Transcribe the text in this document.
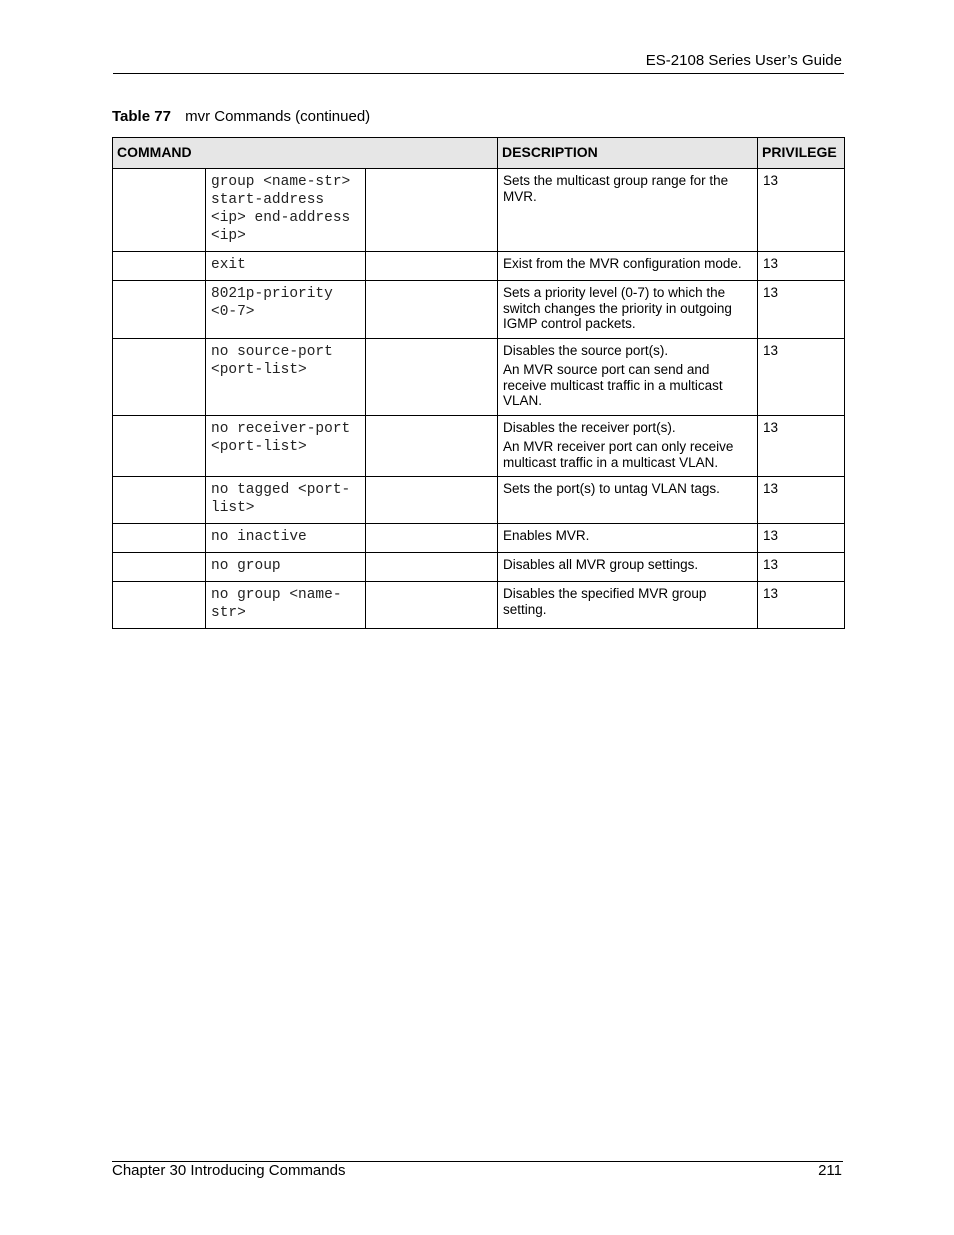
ES-2108 Series User’s Guide
Table 77 mvr Commands (continued)
COMMAND			DESCRIPTION	PRIVILEGE
	group <name-str> start-address <ip> end-address <ip>		Sets the multicast group range for the MVR.	13
	exit		Exist from the MVR configuration mode.	13
	8021p-priority <0-7>		Sets a priority level (0-7) to which the switch changes the priority in outgoing IGMP control packets.	13
	no source-port <port-list>		Disables the source port(s).

An MVR source port can send and receive multicast traffic in a multicast VLAN.	13
	no receiver-port <port-list>		Disables the receiver port(s).

An MVR receiver port can only receive multicast traffic in a multicast VLAN.	13
	no tagged <port-list>		Sets the port(s) to untag VLAN tags.	13
	no inactive		Enables MVR.	13
	no group		Disables all MVR group settings.	13
	no group <name-str>		Disables the specified MVR group setting.	13
Chapter 30 Introducing Commands	211
